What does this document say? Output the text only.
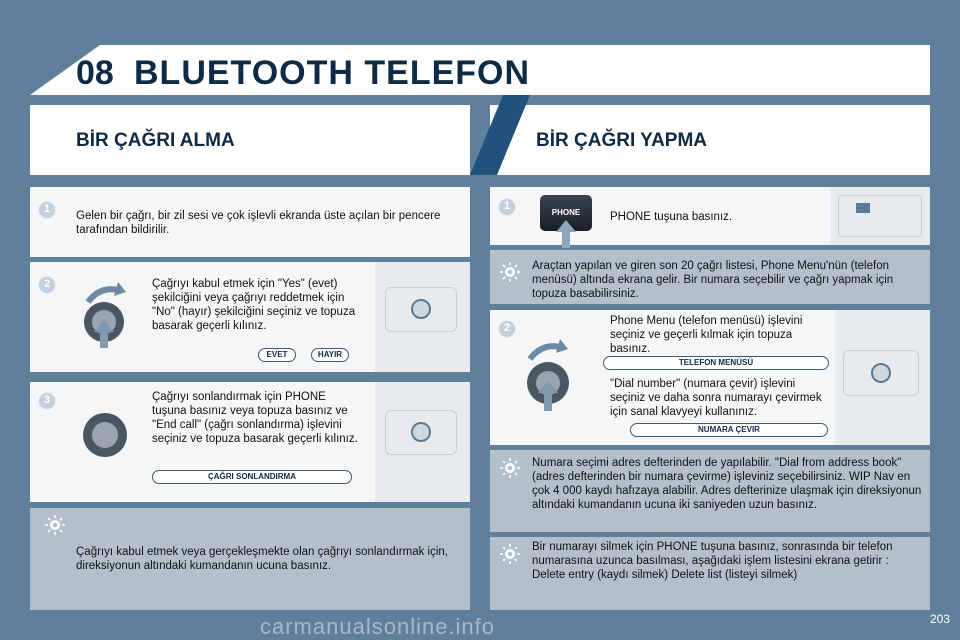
08 BLUETOOTH TELEFON
BİR ÇAĞRI ALMA	BİR ÇAĞRI YAPMA
1
Gelen bir çağrı, bir zil sesi ve çok işlevli ekranda üste açılan bir pencere tarafından bildirilir.
2	Çağrıyı kabul etmek için "Yes" (evet) şekilciğini veya çağrıyı reddetmek için "No" (hayır) şekilciğini seçiniz ve topuza basarak geçerli kılınız.
EVET	HAYIR
3	Çağrıyı sonlandırmak için PHONE tuşuna basınız veya topuza basınız ve "End call" (çağrı sonlandırma) işlevini seçiniz ve topuza basarak geçerli kılınız.
ÇAĞRI SONLANDIRMA
Çağrıyı kabul etmek veya gerçekleşmekte olan çağrıyı sonlandırmak için, direksiyonun altındaki kumandanın ucuna basınız.
1
PHONE	PHONE tuşuna basınız.
Araçtan yapılan ve giren son 20 çağrı listesi, Phone Menu'nün (telefon menüsü) altında ekrana gelir. Bir numara seçebilir ve çağrı yapmak için topuza basabilirsiniz.
2
Phone Menu (telefon menüsü) işlevini seçiniz ve geçerli kılmak için topuza basınız.
TELEFON MENÜSÜ
"Dial number" (numara çevir) işlevini seçiniz ve daha sonra numarayı çevirmek için sanal klavyeyi kullanınız.
NUMARA ÇEVIR
Numara seçimi adres defterinden de yapılabilir. "Dial from address book" (adres defterinden bir numara çevirme) işleviniz seçebilirsiniz. WIP Nav en çok 4 000 kaydı hafızaya alabilir. Adres defterinize ulaşmak için direksiyonun altındaki kumandanın ucuna iki saniyeden uzun basınız.
Bir numarayı silmek için PHONE tuşuna basınız, sonrasında bir telefon numarasına uzunca basılması, aşağıdaki işlem listesini ekrana getirir : Delete entry (kaydı silmek) Delete list (listeyi silmek)
203
carmanualsonline.info
